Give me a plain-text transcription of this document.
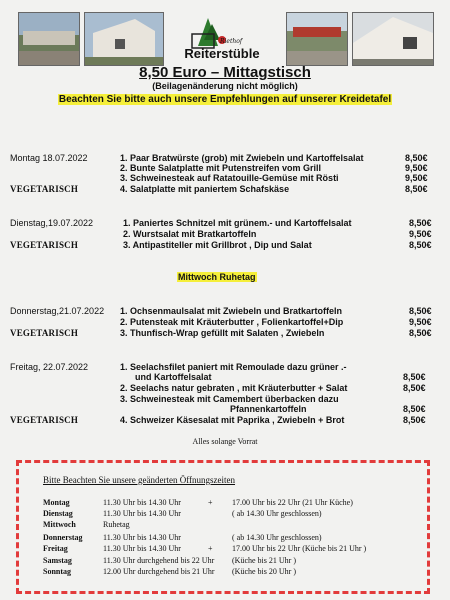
Riethof
Reiterstüble
8,50 Euro – Mittagstisch
(Beilagenänderung nicht möglich)
Beachten Sie bitte auch unsere Empfehlungen auf unserer Kreidetafel
Montag 18.07.2022	1. Paar Bratwürste (grob) mit Zwiebeln und Kartoffelsalat	8,50€
2. Bunte Salatplatte mit Putenstreifen vom Grill	9,50€
3. Schweinesteak auf Ratatouille-Gemüse mit Rösti	9,50€
VEGETARISCH	4. Salatplatte mit paniertem Schafskäse	8,50€
Dienstag,19.07.2022	1. Paniertes Schnitzel mit grünem.- und Kartoffelsalat	8,50€
2. Wurstsalat mit Bratkartoffeln	9,50€
VEGETARISCH	3. Antipastiteller mit Grillbrot , Dip und Salat	8,50€
Mittwoch Ruhetag
Donnerstag,21.07.2022 1. Ochsenmaulsalat mit Zwiebeln und Bratkartoffeln	8,50€
2. Putensteak mit Kräuterbutter , Folienkartoffel+Dip	9,50€
VEGETARISCH	3. Thunfisch-Wrap gefüllt mit Salaten , Zwiebeln	8,50€
Freitag, 22.07.2022	1. Seelachsfilet paniert mit Remoulade dazu grüner .-
und Kartoffelsalat	8,50€
2. Seelachs natur gebraten , mit Kräuterbutter + Salat	8,50€
3. Schweinesteak mit Camembert überbacken dazu
Pfannenkartoffeln	8,50€
VEGETARISCH	4. Schweizer Käsesalat mit Paprika , Zwiebeln + Brot	8,50€
Alles solange Vorrat
Bitte Beachten Sie unsere geänderten Öffnungszeiten
Montag	11.30 Uhr bis 14.30 Uhr	+ 17.00 Uhr bis 22 Uhr (21 Uhr Küche)
Dienstag	11.30 Uhr bis 14.30 Uhr	( ab 14.30 Uhr geschlossen)
Mittwoch	Ruhetag
Donnerstag	11.30 Uhr bis 14.30 Uhr	( ab 14.30 Uhr geschlossen)
Freitag	11.30 Uhr bis 14.30 Uhr	+ 17.00 Uhr bis 22 Uhr (Küche bis 21 Uhr )
Samstag	11.30 Uhr durchgehend bis 22 Uhr (Küche bis 21 Uhr )
Sonntag	12.00 Uhr durchgehend bis 21 Uhr (Küche bis 20 Uhr )
